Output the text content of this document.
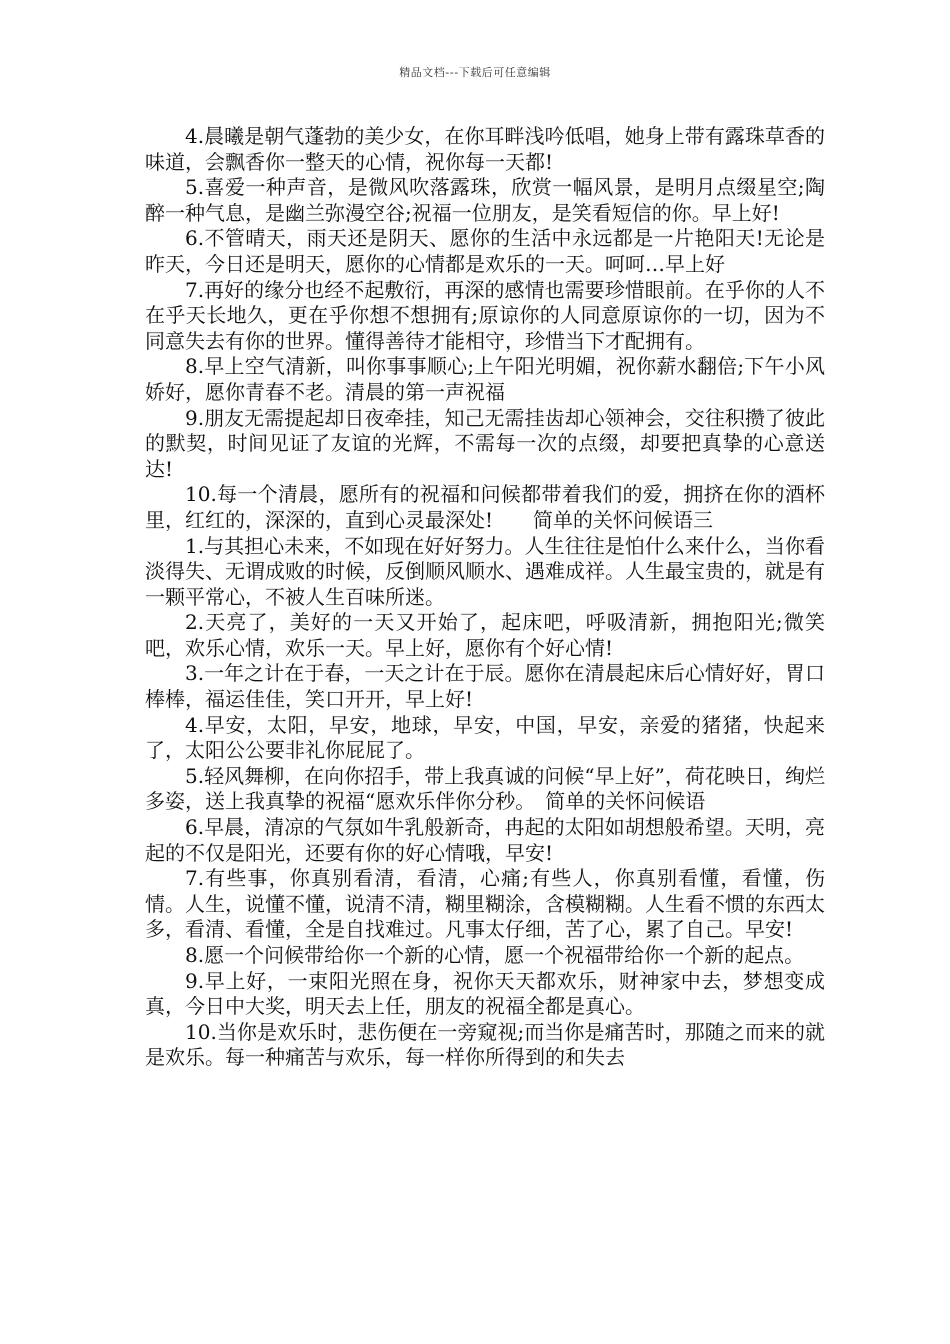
精品文档---下载后可任意编辑

4.晨曦是朝气蓬勃的美少女，在你耳畔浅吟低唱，她身上带有露珠草香的味道，会飘香你一整天的心情，祝你每一天都!

5.喜爱一种声音，是微风吹落露珠，欣赏一幅风景，是明月点缀星空;陶醉一种气息，是幽兰弥漫空谷;祝福一位朋友，是笑看短信的你。早上好!

6.不管晴天，雨天还是阴天、愿你的生活中永远都是一片艳阳天!无论是昨天，今日还是明天，愿你的心情都是欢乐的一天。呵呵…早上好

7.再好的缘分也经不起敷衍，再深的感情也需要珍惜眼前。在乎你的人不在乎天长地久，更在乎你想不想拥有;原谅你的人同意原谅你的一切，因为不同意失去有你的世界。懂得善待才能相守，珍惜当下才配拥有。

8.早上空气清新，叫你事事顺心;上午阳光明媚，祝你薪水翻倍;下午小风娇好，愿你青春不老。清晨的第一声祝福

9.朋友无需提起却日夜牵挂，知己无需挂齿却心领神会，交往积攒了彼此的默契，时间见证了友谊的光辉，不需每一次的点缀，却要把真挚的心意送达!

10.每一个清晨，愿所有的祝福和问候都带着我们的爱，拥挤在你的酒杯里，红红的，深深的，直到心灵最深处!　　简单的关怀问候语三

1.与其担心未来，不如现在好好努力。人生往往是怕什么来什么，当你看淡得失、无谓成败的时候，反倒顺风顺水、遇难成祥。人生最宝贵的，就是有一颗平常心，不被人生百味所迷。

2.天亮了，美好的一天又开始了，起床吧，呼吸清新，拥抱阳光;微笑吧，欢乐心情，欢乐一天。早上好，愿你有个好心情!

3.一年之计在于春，一天之计在于辰。愿你在清晨起床后心情好好，胃口棒棒，福运佳佳，笑口开开，早上好!

4.早安，太阳，早安，地球，早安，中国，早安，亲爱的猪猪，快起来了，太阳公公要非礼你屁屁了。

5.轻风舞柳，在向你招手，带上我真诚的问候“早上好”，荷花映日，绚烂多姿，送上我真挚的祝福“愿欢乐伴你分秒。　简单的关怀问候语

6.早晨，清凉的气氛如牛乳般新奇，冉起的太阳如胡想般希望。天明，亮起的不仅是阳光，还要有你的好心情哦，早安!

7.有些事，你真别看清，看清，心痛;有些人，你真别看懂，看懂，伤情。人生，说懂不懂，说清不清，糊里糊涂，含模糊糊。人生看不惯的东西太多，看清、看懂，全是自找难过。凡事太仔细，苦了心，累了自己。早安!

8.愿一个问候带给你一个新的心情，愿一个祝福带给你一个新的起点。

9.早上好，一束阳光照在身，祝你天天都欢乐，财神家中去，梦想变成真，今日中大奖，明天去上任，朋友的祝福全都是真心。

10.当你是欢乐时，悲伤便在一旁窥视;而当你是痛苦时，那随之而来的就是欢乐。每一种痛苦与欢乐，每一样你所得到的和失去
